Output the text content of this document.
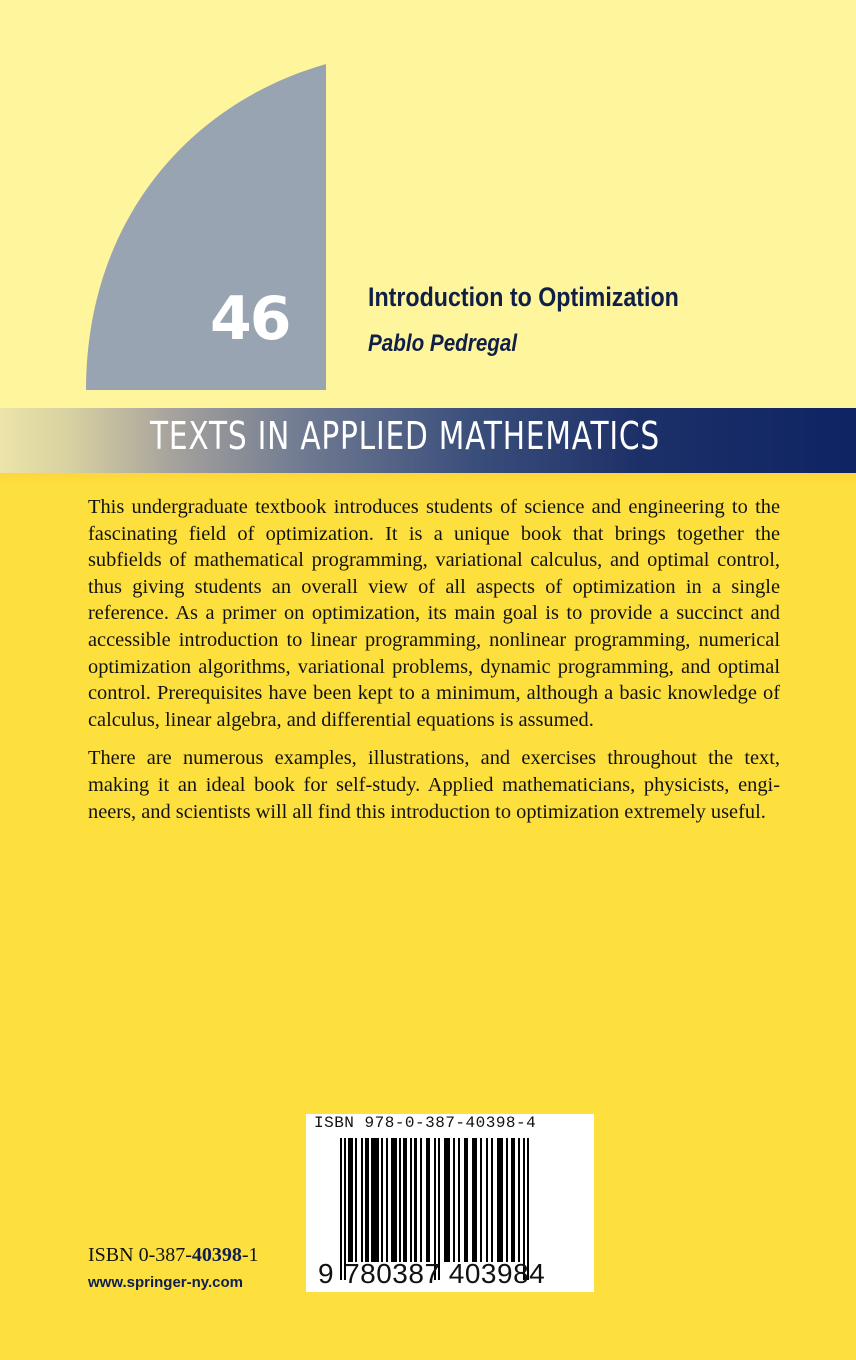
46	Introduction to Optimization
Pablo Pedregal
TEXTS IN APPLIED MATHEMATICS

This undergraduate textbook introduces students of science and engineering to the fascinating field of optimization. It is a unique book that brings together the subfields of mathematical programming, variational calculus, and optimal control, thus giving students an overall view of all aspects of optimization in a single reference. As a primer on optimization, its main goal is to provide a succinct and accessible introduction to linear programming, nonlinear programming, numerical optimization algorithms, variational problems, dynamic programming, and optimal control. Prerequisites have been kept to a minimum, although a basic knowledge of calculus, linear algebra, and differential equations is assumed.

There are numerous examples, illustrations, and exercises throughout the text, making it an ideal book for self-study. Applied mathematicians, physicists, engineers, and scientists will all find this introduction to optimization extremely useful.

ISBN 978-0-387-40398-4
9 780387 403984
ISBN 0-387-40398-1
www.springer-ny.com
